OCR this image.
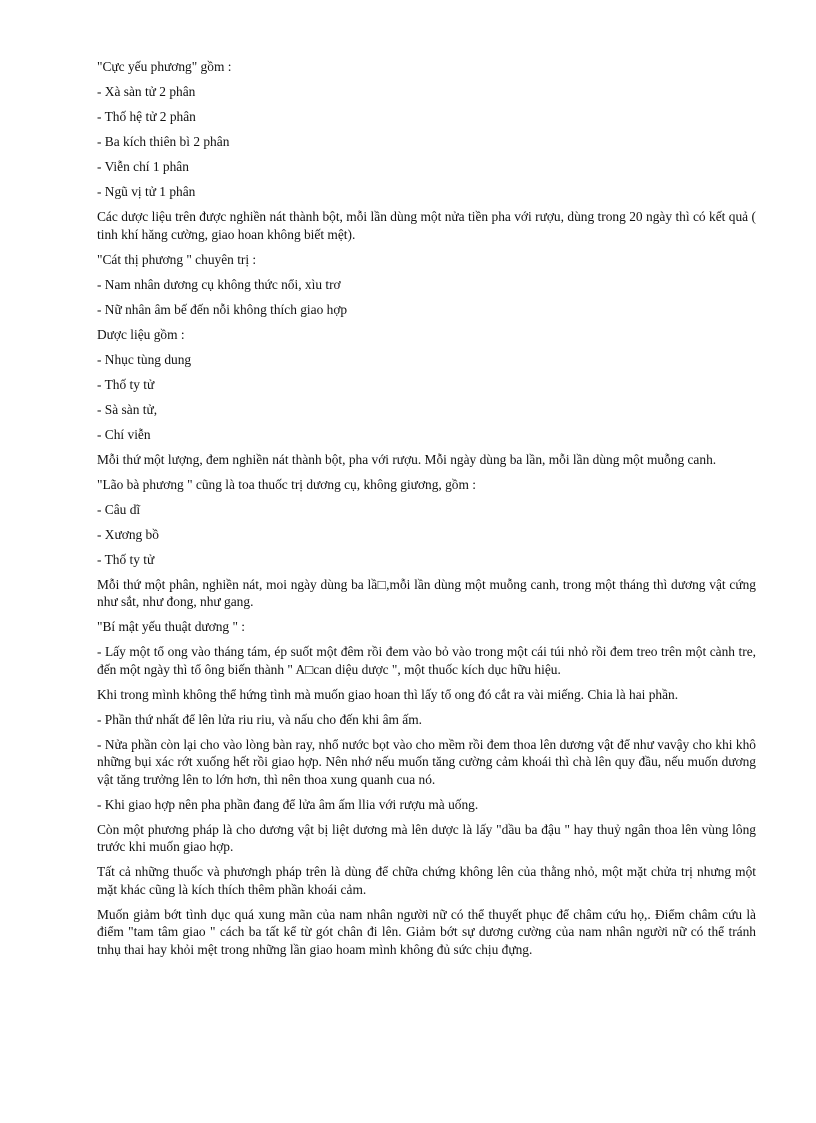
"Cực yếu phương" gồm :

- Xà sàn tử 2 phân

- Thố hệ tử 2 phân

- Ba kích thiên bì 2 phân

- Viễn chí 1 phân

- Ngũ vị tử 1 phân

Các dược liệu trên được nghiền nát thành bột, mỗi lần dùng một nửa tiền pha với rượu, dùng trong 20 ngày thì có kết quả ( tinh khí hăng cường, giao hoan không biết mệt).

"Cát thị phương " chuyên trị :

- Nam nhân dương cụ không thức nổi, xìu trơ

- Nữ nhân âm bế đến nỗi không thích giao hợp

Dược liệu gồm :

- Nhục tùng dung

- Thố ty tử

- Sà sàn tử,

- Chí viễn

Mỗi thứ một lượng, đem nghiền nát thành bột, pha với rượu. Mỗi ngày dùng ba lần, mỗi lần dùng một muỗng canh.

"Lão bà phương " cũng là toa thuốc trị dương cụ, không giương, gồm :

- Câu dĩ

- Xương bồ

- Thố ty tử

Mỗi thứ một phân, nghiền nát, moi ngày dùng ba lầ□,mỗi lần dùng một muỗng canh, trong một tháng thì dương vật cứng như sắt, như đong, như gang.

"Bí mật yếu thuật dương " :

- Lấy một tổ ong vào tháng tám, ép suốt một đêm rồi đem vào bỏ vào trong một cái túi nhỏ rồi đem treo trên một cành tre, đến một ngày thì tổ ông biến thành " A□can diệu dược ", một thuốc kích dục hữu hiệu.

Khi trong mình không thể hứng tình mà muốn giao hoan thì lấy tổ ong đó cắt ra vài miếng. Chia là hai phần.

- Phần thứ nhất để lên lửa riu riu, và nấu cho đến khi âm ấm.

- Nửa phần còn lại cho vào lòng bàn ray, nhổ nước bọt vào cho mềm rồi đem thoa lên dương vật để như vavậy cho khi khô những bụi xác rớt xuống hết rồi giao hợp. Nên nhớ nếu muốn tăng cường cảm khoái thì chà lên quy đầu, nếu muốn dương vật tăng trưởng lên to lớn hơn, thì nên thoa xung quanh cua nó.

- Khi giao hợp nên pha phần đang để lửa âm ấm llia với rượu mà uống.

Còn một phương pháp là cho dương vật bị liệt dương mà lên dược là lấy "dầu ba đậu " hay thuỷ ngân thoa lên vùng lông trước khi muốn giao hợp.

Tất cả những thuốc và phươngh pháp trên là dùng để chữa chứng không lên của thằng nhỏ, một mặt chửa trị nhưng một mặt khác cũng là kích thích thêm phần khoái cảm.

Muốn giảm bớt tình dục quá xung mãn của nam nhân người nữ có thể thuyết phục để châm cứu họ,. Điểm châm cứu là điểm "tam tâm giao " cách ba tất kể từ gót chân đi lên. Giảm bớt sự dương cường của nam nhân người nữ có thể tránh tnhụ thai hay khỏi mệt trong những lần giao hoam mình không đủ sức chịu đựng.
